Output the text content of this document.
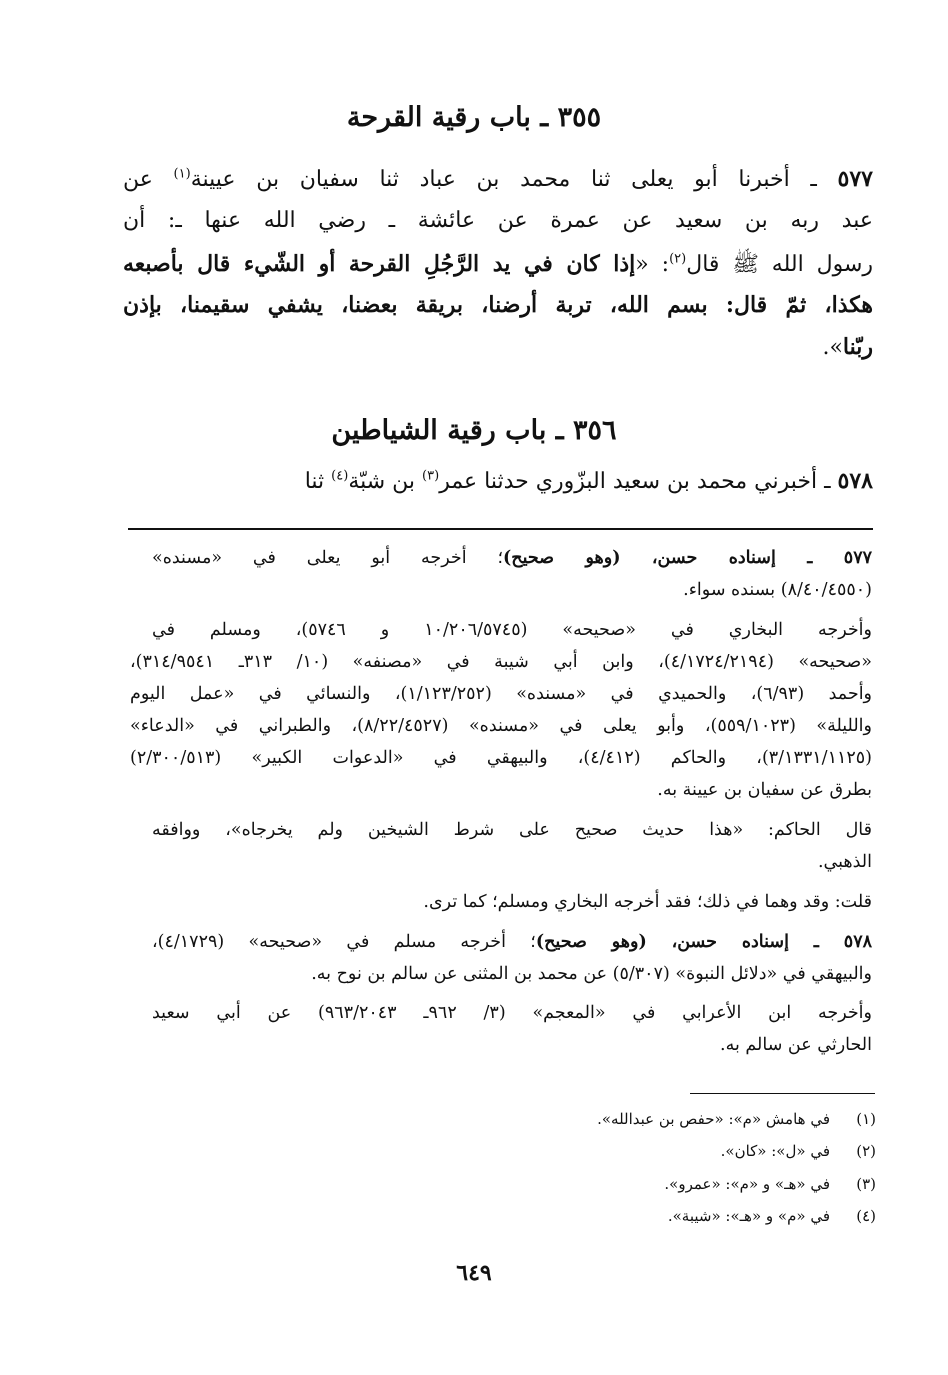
٣٥٥ ـ باب رقية القرحة
٥٧٧ ـ أخبرنا أبو يعلى ثنا محمد بن عباد ثنا سفيان بن عيينة$^{(١)}$ عن
عبد ربه بن سعيد عن عمرة عن عائشة ـ رضي الله عنها ـ: أن
رسول الله ﷺ قال$^{(٢)}$: «إذا كان في يد الرَّجُلِ القرحة أو الشّيء قال بأصبعه
هكذا، ثمّ قال: بسم الله، تربة أرضنا، بريقة بعضنا، يشفي سقيمنا، بإذن
ربّنا».
٣٥٦ ـ باب رقية الشياطين
٥٧٨ ـ أخبرني محمد بن سعيد البزّوري حدثنا عمر$^{(٣)}$ بن شبّة$^{(٤)}$ ثنا
٥٧٧ ـ إسناده حسن، (وهو صحيح)؛ أخرجه أبو يعلى في «مسنده»
(٨/٤٠/٤٥٥٠) بسنده سواء.
وأخرجه البخاري في «صحيحه» (١٠/٢٠٦/٥٧٤٥ و ٥٧٤٦)، ومسلم في
«صحيحه» (٤/١٧٢٤/٢١٩٤)، وابن أبي شيبة في «مصنفه» (١٠/ ٣١٣ـ ٣١٤/٩٥٤١)،
وأحمد (٦/٩٣)، والحميدي في «مسنده» (١/١٢٣/٢٥٢)، والنسائي في «عمل اليوم
والليلة» (٥٥٩/١٠٢٣)، وأبو يعلى في «مسنده» (٨/٢٢/٤٥٢٧)، والطبراني في «الدعاء»
(٣/١٣٣١/١١٢٥)، والحاكم (٤/٤١٢)، والبيهقي في «الدعوات الكبير» (٢/٣٠٠/٥١٣)
بطرق عن سفيان بن عيينة به.
قال الحاكم: «هذا حديث صحيح على شرط الشيخين ولم يخرجاه»، ووافقه
الذهبي.
قلت: وقد وهما في ذلك؛ فقد أخرجه البخاري ومسلم؛ كما ترى.
٥٧٨ ـ إسناده حسن، (وهو صحيح)؛ أخرجه مسلم في «صحيحه» (٤/١٧٢٩)،
والبيهقي في «دلائل النبوة» (٥/٣٠٧) عن محمد بن المثنى عن سالم بن نوح به.
وأخرجه ابن الأعرابي في «المعجم» (٣/ ٩٦٢ـ ٩٦٣/٢٠٤٣) عن أبي سعيد
الحارثي عن سالم به.
(١)في هامش «م»: «حفص بن عبدالله».
(٢)في «ل»: «كان».
(٣)في «هـ» و «م»: «عمرو».
(٤)في «م» و «هـ»: «شيبة».
٦٤٩
